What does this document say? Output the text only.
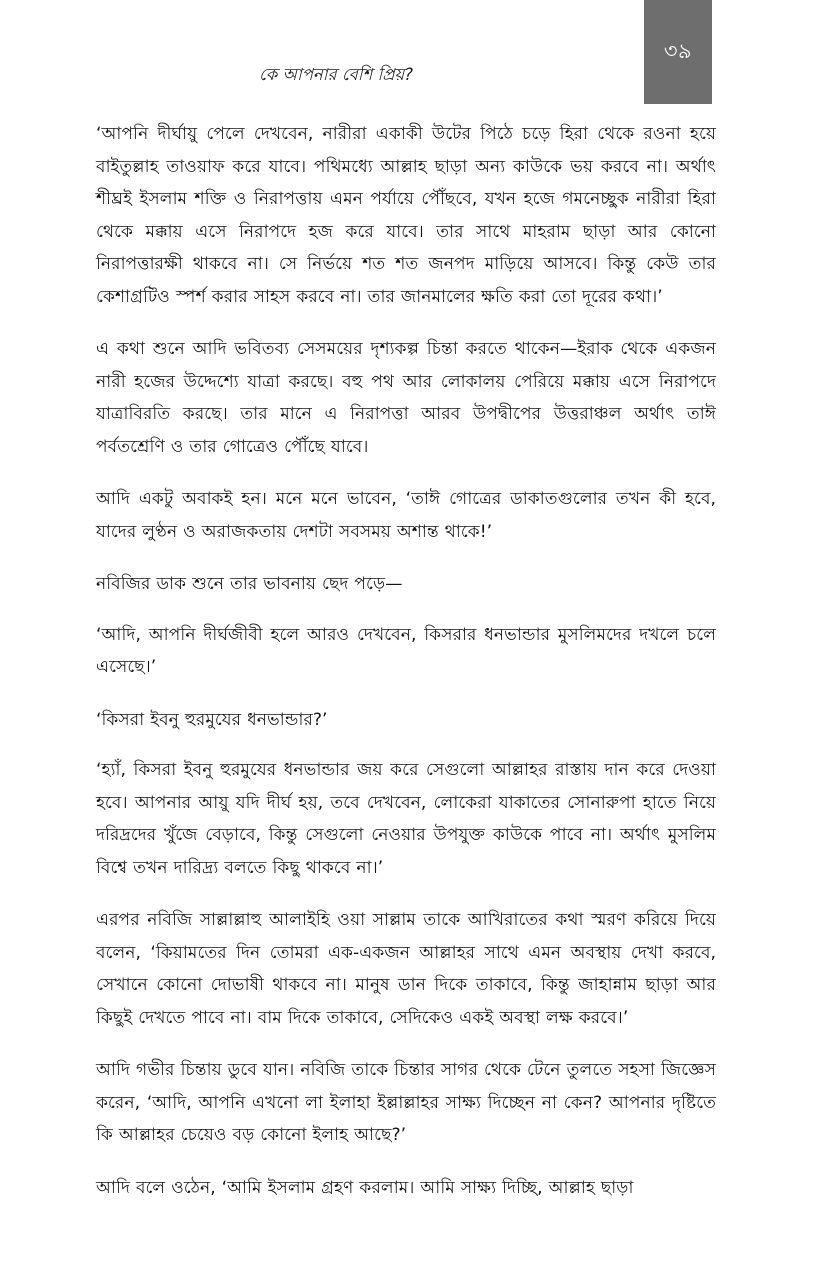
৩৯
কে আপনার বেশি প্রিয়?

‘আপনি দীর্ঘায়ু পেলে দেখবেন, নারীরা একাকী উটের পিঠে চড়ে হিরা থেকে রওনা হয়ে বাইতুল্লাহ তাওয়াফ করে যাবে। পথিমধ্যে আল্লাহ ছাড়া অন্য কাউকে ভয় করবে না। অর্থাৎ শীঘ্রই ইসলাম শক্তি ও নিরাপত্তায় এমন পর্যায়ে পৌঁছবে, যখন হজে গমনেচ্ছুক নারীরা হিরা থেকে মক্কায় এসে নিরাপদে হজ করে যাবে। তার সাথে মাহরাম ছাড়া আর কোনো নিরাপত্তারক্ষী থাকবে না। সে নির্ভয়ে শত শত জনপদ মাড়িয়ে আসবে। কিন্তু কেউ তার কেশাগ্রটিও স্পর্শ করার সাহস করবে না। তার জানমালের ক্ষতি করা তো দূরের কথা।’

এ কথা শুনে আদি ভবিতব্য সেসময়ের দৃশ্যকল্প চিন্তা করতে থাকেন—ইরাক থেকে একজন নারী হজের উদ্দেশ্যে যাত্রা করছে। বহু পথ আর লোকালয় পেরিয়ে মক্কায় এসে নিরাপদে যাত্রাবিরতি করছে। তার মানে এ নিরাপত্তা আরব উপদ্বীপের উত্তরাঞ্চল অর্থাৎ তাঈ পর্বতশ্রেণি ও তার গোত্রেও পৌঁছে যাবে।

আদি একটু অবাকই হন। মনে মনে ভাবেন, ‘তাঈ গোত্রের ডাকাতগুলোর তখন কী হবে, যাদের লুণ্ঠন ও অরাজকতায় দেশটা সবসময় অশান্ত থাকে!’

নবিজির ডাক শুনে তার ভাবনায় ছেদ পড়ে—

‘আদি, আপনি দীর্ঘজীবী হলে আরও দেখবেন, কিসরার ধনভান্ডার মুসলিমদের দখলে চলে এসেছে।’

‘কিসরা ইবনু হুরমুযের ধনভান্ডার?’

‘হ্যাঁ, কিসরা ইবনু হুরমুযের ধনভান্ডার জয় করে সেগুলো আল্লাহর রাস্তায় দান করে দেওয়া হবে। আপনার আয়ু যদি দীর্ঘ হয়, তবে দেখবেন, লোকেরা যাকাতের সোনারুপা হাতে নিয়ে দরিদ্রদের খুঁজে বেড়াবে, কিন্তু সেগুলো নেওয়ার উপযুক্ত কাউকে পাবে না। অর্থাৎ মুসলিম বিশ্বে তখন দারিদ্র্য বলতে কিছু থাকবে না।’

এরপর নবিজি সাল্লাল্লাহু আলাইহি ওয়া সাল্লাম তাকে আখিরাতের কথা স্মরণ করিয়ে দিয়ে বলেন, ‘কিয়ামতের দিন তোমরা এক-একজন আল্লাহর সাথে এমন অবস্থায় দেখা করবে, সেখানে কোনো দোভাষী থাকবে না। মানুষ ডান দিকে তাকাবে, কিন্তু জাহান্নাম ছাড়া আর কিছুই দেখতে পাবে না। বাম দিকে তাকাবে, সেদিকেও একই অবস্থা লক্ষ করবে।’

আদি গভীর চিন্তায় ডুবে যান। নবিজি তাকে চিন্তার সাগর থেকে টেনে তুলতে সহসা জিজ্ঞেস করেন, ‘আদি, আপনি এখনো লা ইলাহা ইল্লাল্লাহর সাক্ষ্য দিচ্ছেন না কেন? আপনার দৃষ্টিতে কি আল্লাহর চেয়েও বড় কোনো ইলাহ আছে?’

আদি বলে ওঠেন, ‘আমি ইসলাম গ্রহণ করলাম। আমি সাক্ষ্য দিচ্ছি, আল্লাহ ছাড়া
